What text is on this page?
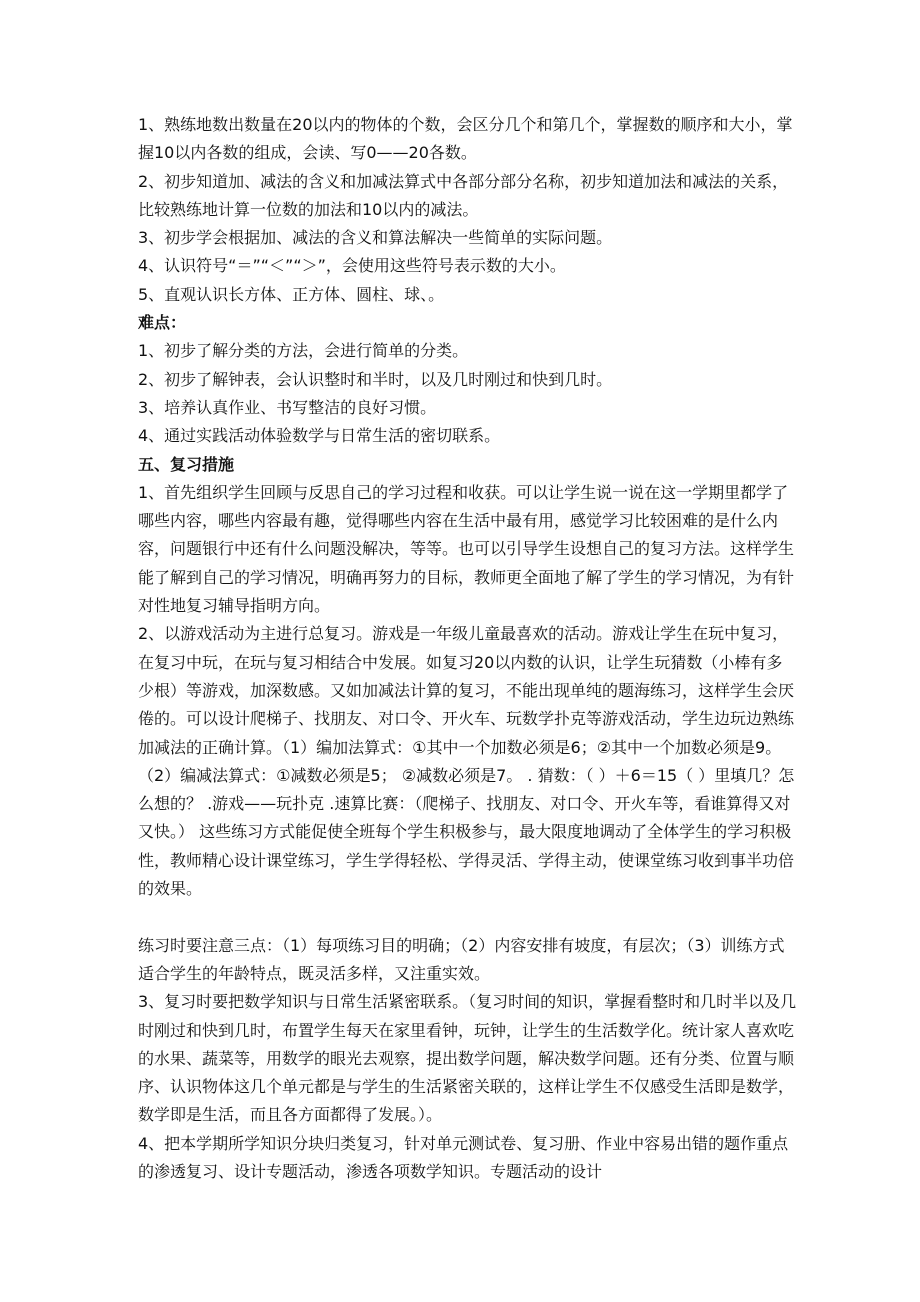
1、熟练地数出数量在20以内的物体的个数，会区分几个和第几个，掌握数的顺序和大小，掌握10以内各数的组成，会读、写0——20各数。

2、初步知道加、减法的含义和加减法算式中各部分部分名称，初步知道加法和减法的关系，比较熟练地计算一位数的加法和10以内的减法。

3、初步学会根据加、减法的含义和算法解决一些简单的实际问题。

4、认识符号“＝”“＜”“＞”，会使用这些符号表示数的大小。

5、直观认识长方体、正方体、圆柱、球、。

难点：

1、初步了解分类的方法，会进行简单的分类。

2、初步了解钟表，会认识整时和半时，以及几时刚过和快到几时。

3、培养认真作业、书写整洁的良好习惯。

4、通过实践活动体验数学与日常生活的密切联系。

五、复习措施

1、首先组织学生回顾与反思自己的学习过程和收获。可以让学生说一说在这一学期里都学了哪些内容，哪些内容最有趣，觉得哪些内容在生活中最有用，感觉学习比较困难的是什么内容，问题银行中还有什么问题没解决，等等。也可以引导学生设想自己的复习方法。这样学生能了解到自己的学习情况，明确再努力的目标，教师更全面地了解了学生的学习情况，为有针对性地复习辅导指明方向。

2、以游戏活动为主进行总复习。游戏是一年级儿童最喜欢的活动。游戏让学生在玩中复习，在复习中玩，在玩与复习相结合中发展。如复习20以内数的认识，让学生玩猜数（小棒有多少根）等游戏，加深数感。又如加减法计算的复习，不能出现单纯的题海练习，这样学生会厌倦的。可以设计爬梯子、找朋友、对口令、开火车、玩数学扑克等游戏活动，学生边玩边熟练加减法的正确计算。（1）编加法算式：①其中一个加数必须是6；②其中一个加数必须是9。 （2）编减法算式：①减数必须是5； ②减数必须是7。 . 猜数：（ ）＋6＝15（ ）里填几？怎么想的？ .游戏——玩扑克 .速算比赛：（爬梯子、找朋友、对口令、开火车等，看谁算得又对又快。） 这些练习方式能促使全班每个学生积极参与，最大限度地调动了全体学生的学习积极性，教师精心设计课堂练习，学生学得轻松、学得灵活、学得主动，使课堂练习收到事半功倍的效果。

练习时要注意三点：（1）每项练习目的明确；（2）内容安排有坡度，有层次；（3）训练方式适合学生的年龄特点，既灵活多样，又注重实效。

3、复习时要把数学知识与日常生活紧密联系。（复习时间的知识，掌握看整时和几时半以及几时刚过和快到几时，布置学生每天在家里看钟，玩钟，让学生的生活数学化。统计家人喜欢吃的水果、蔬菜等，用数学的眼光去观察，提出数学问题，解决数学问题。还有分类、位置与顺序、认识物体这几个单元都是与学生的生活紧密关联的，这样让学生不仅感受生活即是数学，数学即是生活，而且各方面都得了发展。）。

4、把本学期所学知识分块归类复习，针对单元测试卷、复习册、作业中容易出错的题作重点的渗透复习、设计专题活动，渗透各项数学知识。专题活动的设计
